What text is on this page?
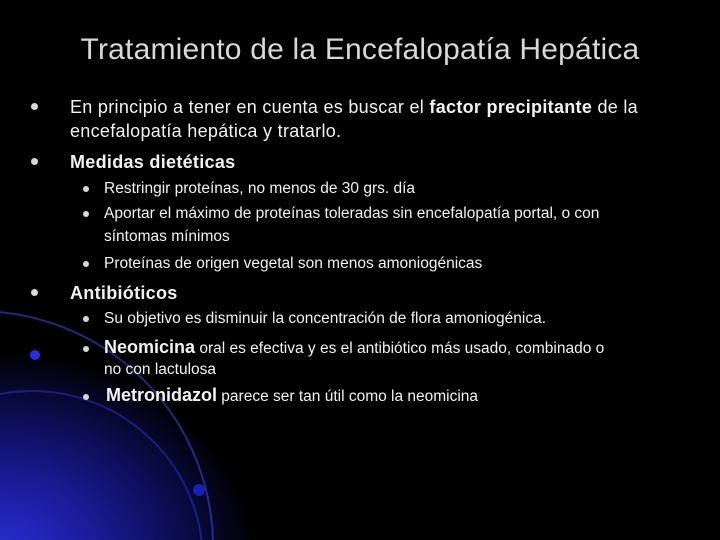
Tratamiento de la Encefalopatía Hepática
En principio a tener en cuenta es buscar el factor precipitante de la
encefalopatía hepática y tratarlo.
Medidas dietéticas
Restringir proteínas, no menos de 30 grs. día
Aportar el máximo de proteínas toleradas sin encefalopatía portal, o con
síntomas mínimos
Proteínas de origen vegetal son menos amoniogénicas
Antibióticos
Su objetivo es disminuir la concentración de flora amoniogénica.
Neomicina oral es efectiva y es el antibiótico más usado, combinado o
no con lactulosa
Metronidazol parece ser tan útil como la neomicina
